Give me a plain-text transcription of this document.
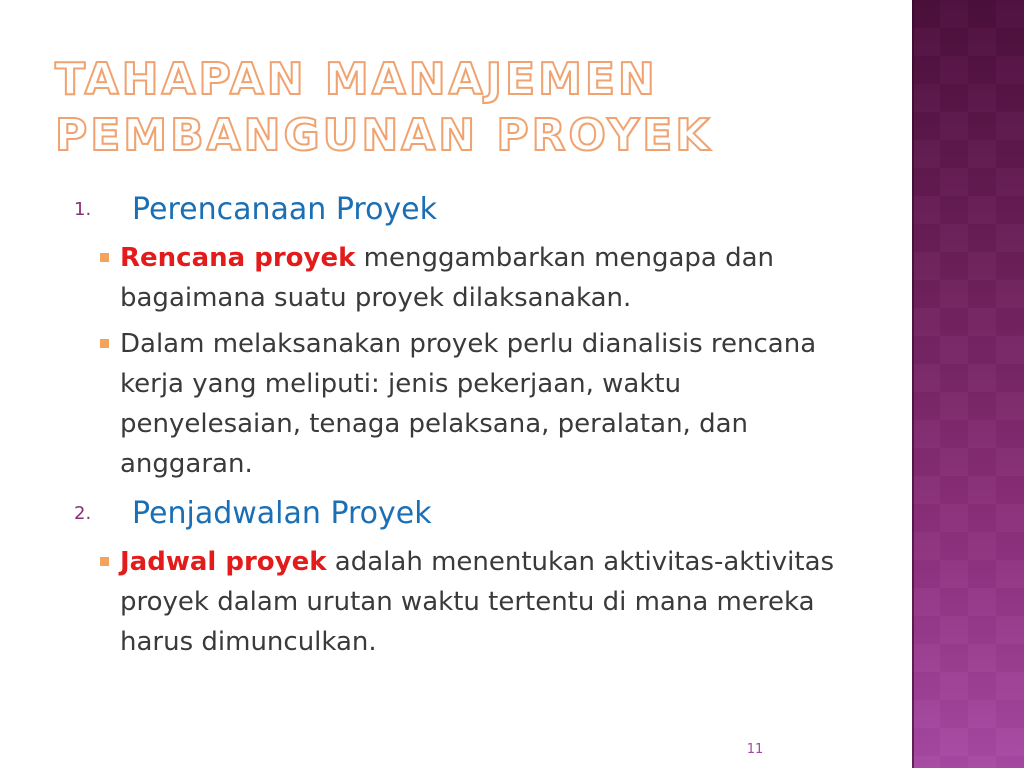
TAHAPAN MANAJEMEN
PEMBANGUNAN PROYEK
1. Perencanaan Proyek
Rencana proyek menggambarkan mengapa dan bagaimana suatu proyek dilaksanakan.
Dalam melaksanakan proyek perlu dianalisis rencana kerja yang meliputi: jenis pekerjaan, waktu penyelesaian, tenaga pelaksana, peralatan, dan anggaran.
2. Penjadwalan Proyek
Jadwal proyek adalah menentukan aktivitas-aktivitas proyek dalam urutan waktu tertentu di mana mereka harus dimunculkan.
11
